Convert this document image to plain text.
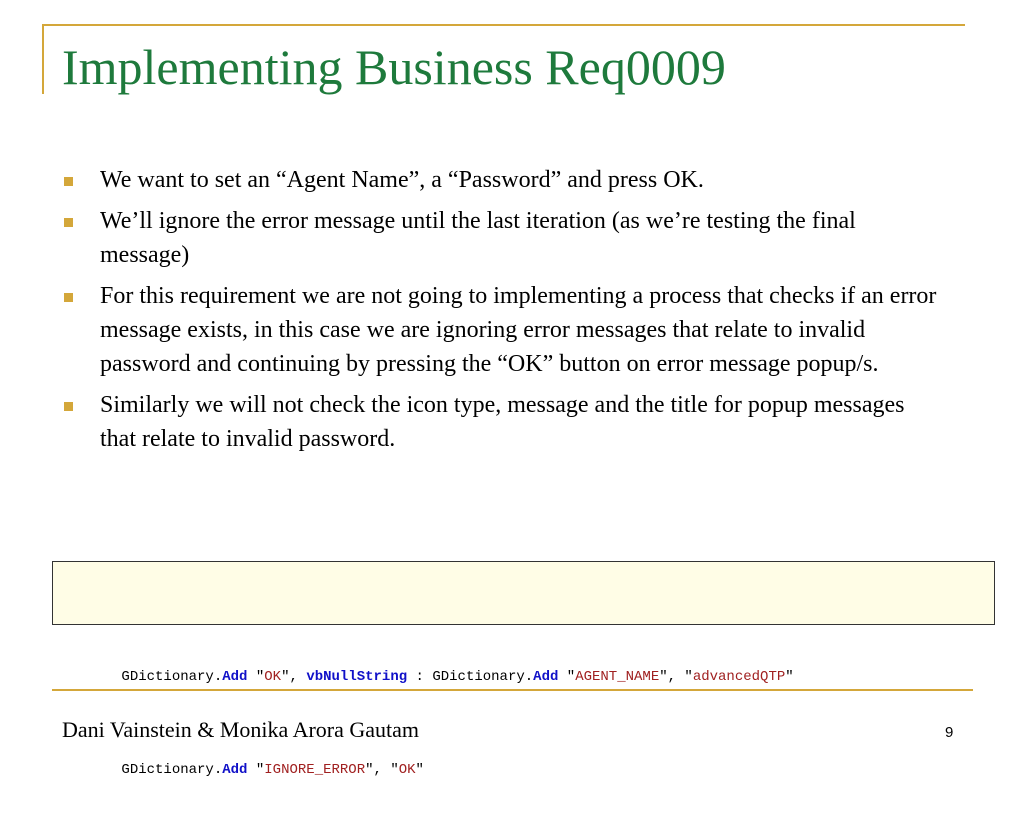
Implementing Business Req0009
We want to set an “Agent Name”, a “Password” and press OK.
We’ll ignore the error message until the last iteration (as we’re testing the final message)
For this requirement we are not going to implementing a process that checks if an error message exists, in this case we are ignoring error messages that relate to invalid password and continuing by pressing the “OK” button on error message popup/s.
Similarly we will not check the icon type, message and the title for popup messages that relate to invalid password.

GDictionary.Add "OK", vbNullString : GDictionary.Add "AGENT_NAME", "advancedQTP"

GDictionary.Add "IGNORE_ERROR", "OK"

Dani Vainstein & Monika Arora Gautam	9
